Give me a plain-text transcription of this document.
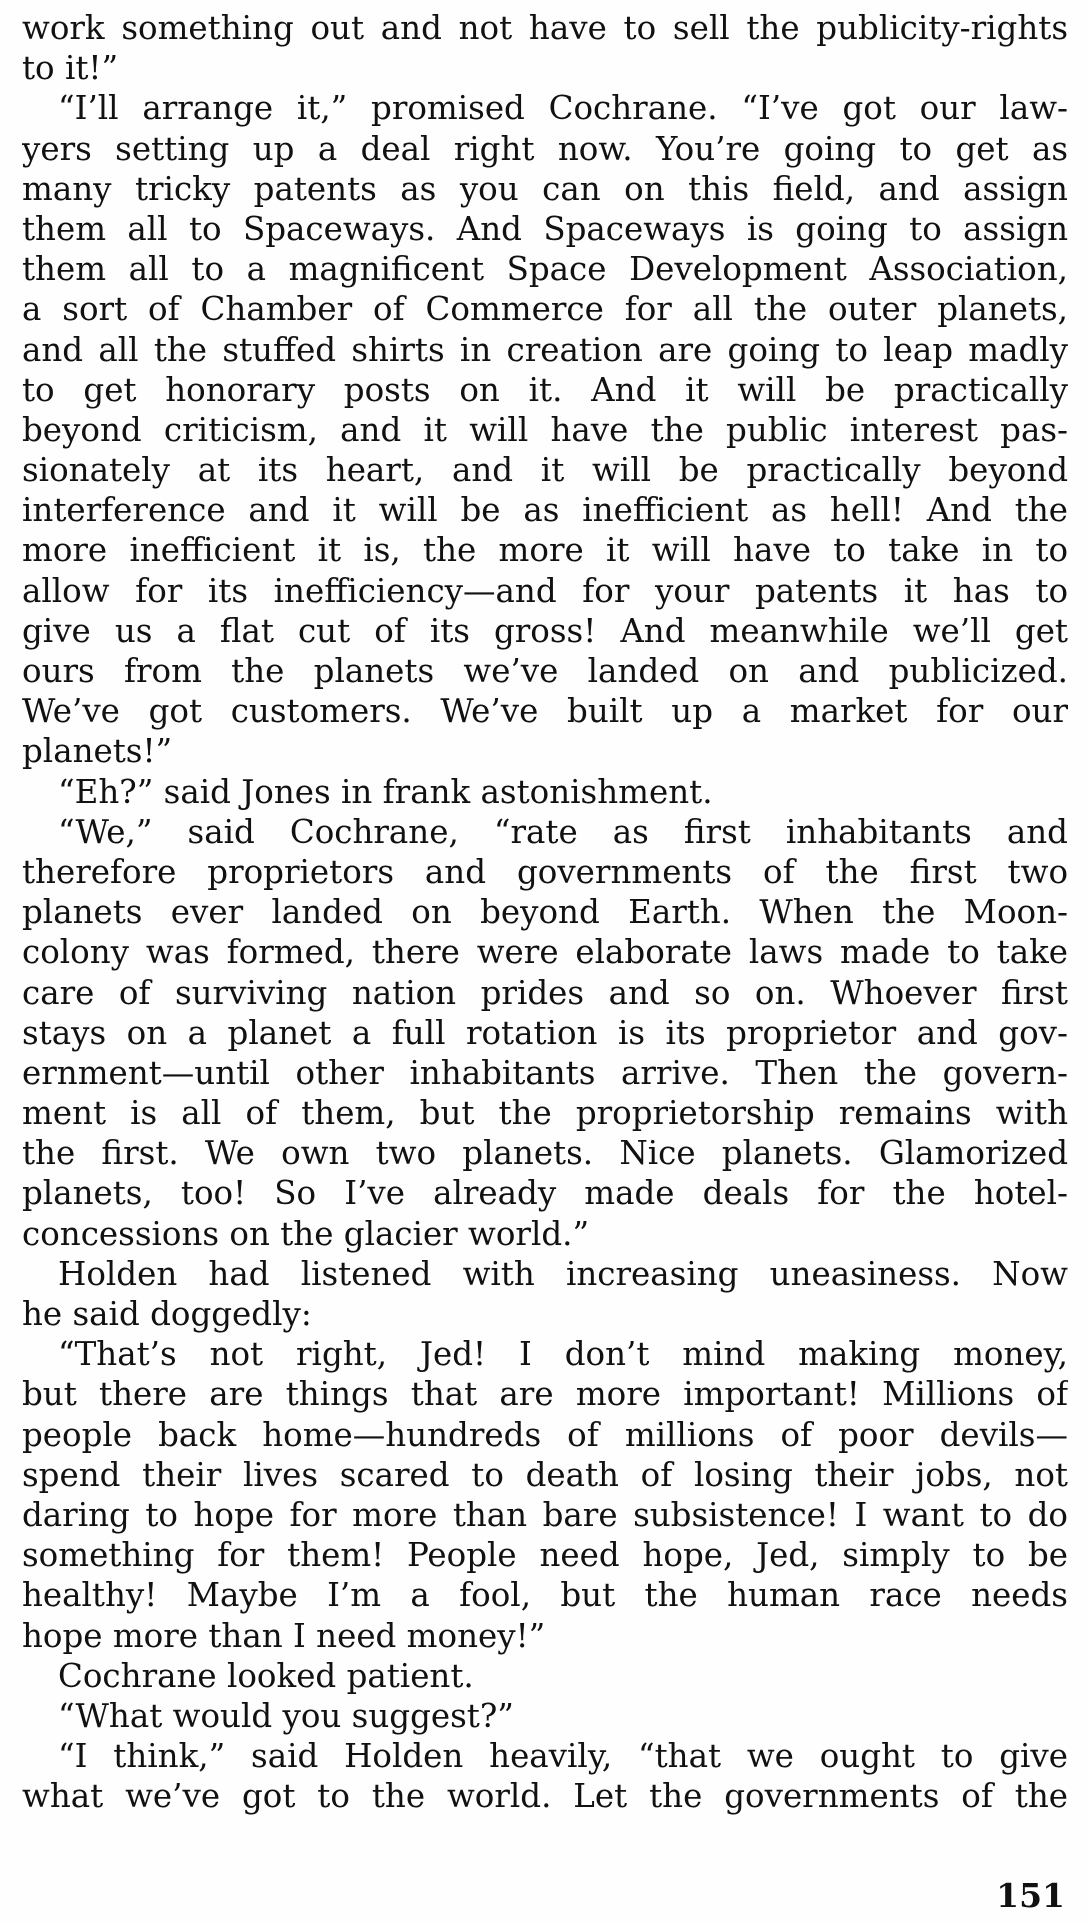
work something out and not have to sell the publicity-rights
to it!”
“I’ll arrange it,” promised Cochrane. “I’ve got our law-
yers setting up a deal right now. You’re going to get as
many tricky patents as you can on this field, and assign
them all to Spaceways. And Spaceways is going to assign
them all to a magnificent Space Development Association,
a sort of Chamber of Commerce for all the outer planets,
and all the stuffed shirts in creation are going to leap madly
to get honorary posts on it. And it will be practically
beyond criticism, and it will have the public interest pas-
sionately at its heart, and it will be practically beyond
interference and it will be as inefficient as hell! And the
more inefficient it is, the more it will have to take in to
allow for its inefficiency—and for your patents it has to
give us a flat cut of its gross! And meanwhile we’ll get
ours from the planets we’ve landed on and publicized.
We’ve got customers. We’ve built up a market for our
planets!”
“Eh?” said Jones in frank astonishment.
“We,” said Cochrane, “rate as first inhabitants and
therefore proprietors and governments of the first two
planets ever landed on beyond Earth. When the Moon-
colony was formed, there were elaborate laws made to take
care of surviving nation prides and so on. Whoever first
stays on a planet a full rotation is its proprietor and gov-
ernment—until other inhabitants arrive. Then the govern-
ment is all of them, but the proprietorship remains with
the first. We own two planets. Nice planets. Glamorized
planets, too! So I’ve already made deals for the hotel-
concessions on the glacier world.”
Holden had listened with increasing uneasiness. Now
he said doggedly:
“That’s not right, Jed! I don’t mind making money,
but there are things that are more important! Millions of
people back home—hundreds of millions of poor devils—
spend their lives scared to death of losing their jobs, not
daring to hope for more than bare subsistence! I want to do
something for them! People need hope, Jed, simply to be
healthy! Maybe I’m a fool, but the human race needs
hope more than I need money!”
Cochrane looked patient.
“What would you suggest?”
“I think,” said Holden heavily, “that we ought to give
what we’ve got to the world. Let the governments of the
151
